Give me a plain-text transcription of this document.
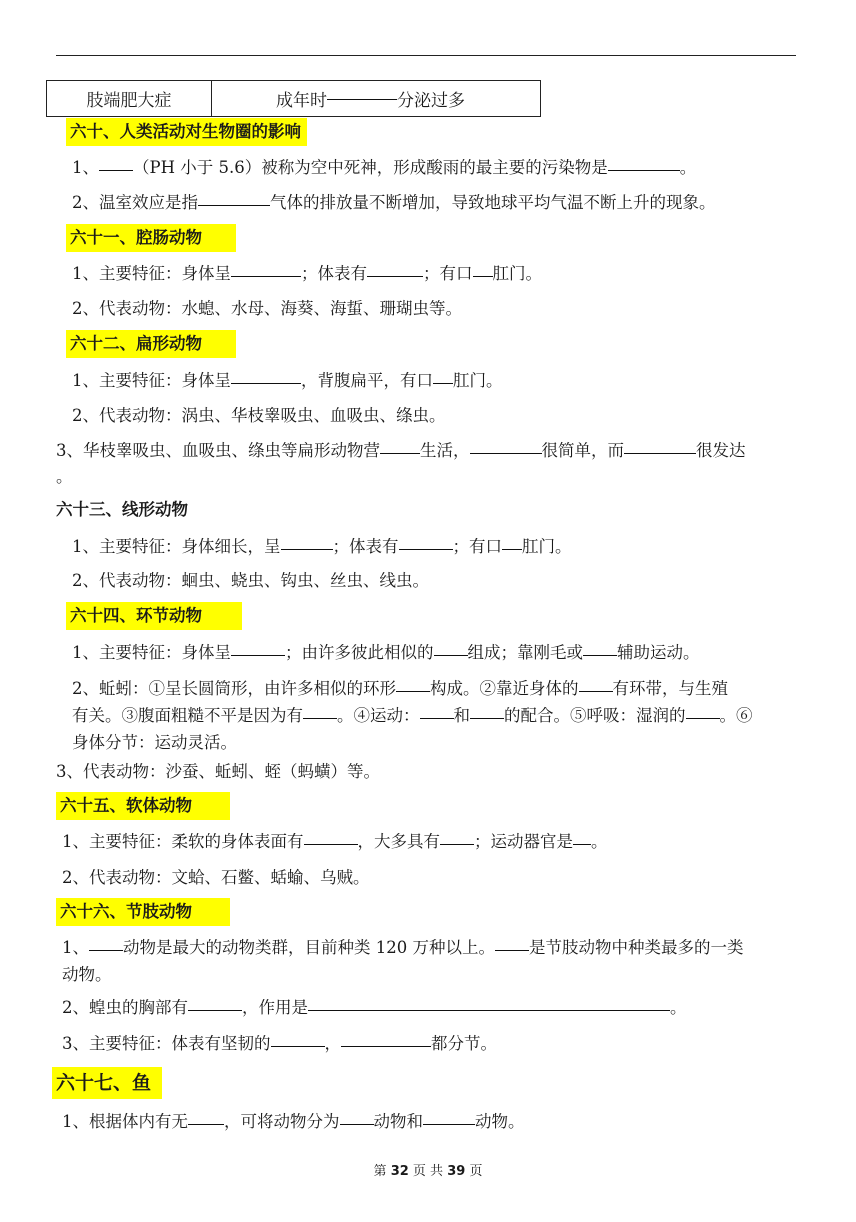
肢端肥大症	成年时	分泌过多
六十、人类活动对生物圈的影响
1、 （PH 小于 5.6）被称为空中死神，形成酸雨的最主要的污染物是	。
2、温室效应是指	气体的排放量不断增加，导致地球平均气温不断上升的现象。
六十一、腔肠动物
1、主要特征：身体呈	；体表有	；有口 肛门。
2、代表动物：水螅、水母、海葵、海蜇、珊瑚虫等。
六十二、扁形动物
1、主要特征：身体呈	，背腹扁平，有口 肛门。
2、代表动物：涡虫、华枝睾吸虫、血吸虫、绦虫。
3、华枝睾吸虫、血吸虫、绦虫等扁形动物营 生活，	很简单，而	很发达
。
六十三、线形动物
1、主要特征：身体细长，呈	；体表有	；有口 肛门。
2、代表动物：蛔虫、蛲虫、钩虫、丝虫、线虫。
六十四、环节动物
1、主要特征：身体呈	；由许多彼此相似的 组成；靠刚毛或 辅助运动。
2、蚯蚓：①呈长圆筒形，由许多相似的环形 构成。②靠近身体的 有环带，与生殖
有关。③腹面粗糙不平是因为有 。④运动： 和 的配合。⑤呼吸：湿润的 。⑥
身体分节：运动灵活。
3、代表动物：沙蚕、蚯蚓、蛭（蚂蟥）等。
六十五、软体动物
1、主要特征：柔软的身体表面有	，大多具有 ；运动器官是 。
2、代表动物：文蛤、石鳖、蛞蝓、乌贼。
六十六、节肢动物
1、 动物是最大的动物类群，目前种类 120 万种以上。 是节肢动物中种类最多的一类
动物。
2、蝗虫的胸部有	，作用是	。
3、主要特征：体表有坚韧的	，	都分节。
六十七、鱼
1、根据体内有无 ，可将动物分为 动物和	动物。
第 32 页 共 39 页
